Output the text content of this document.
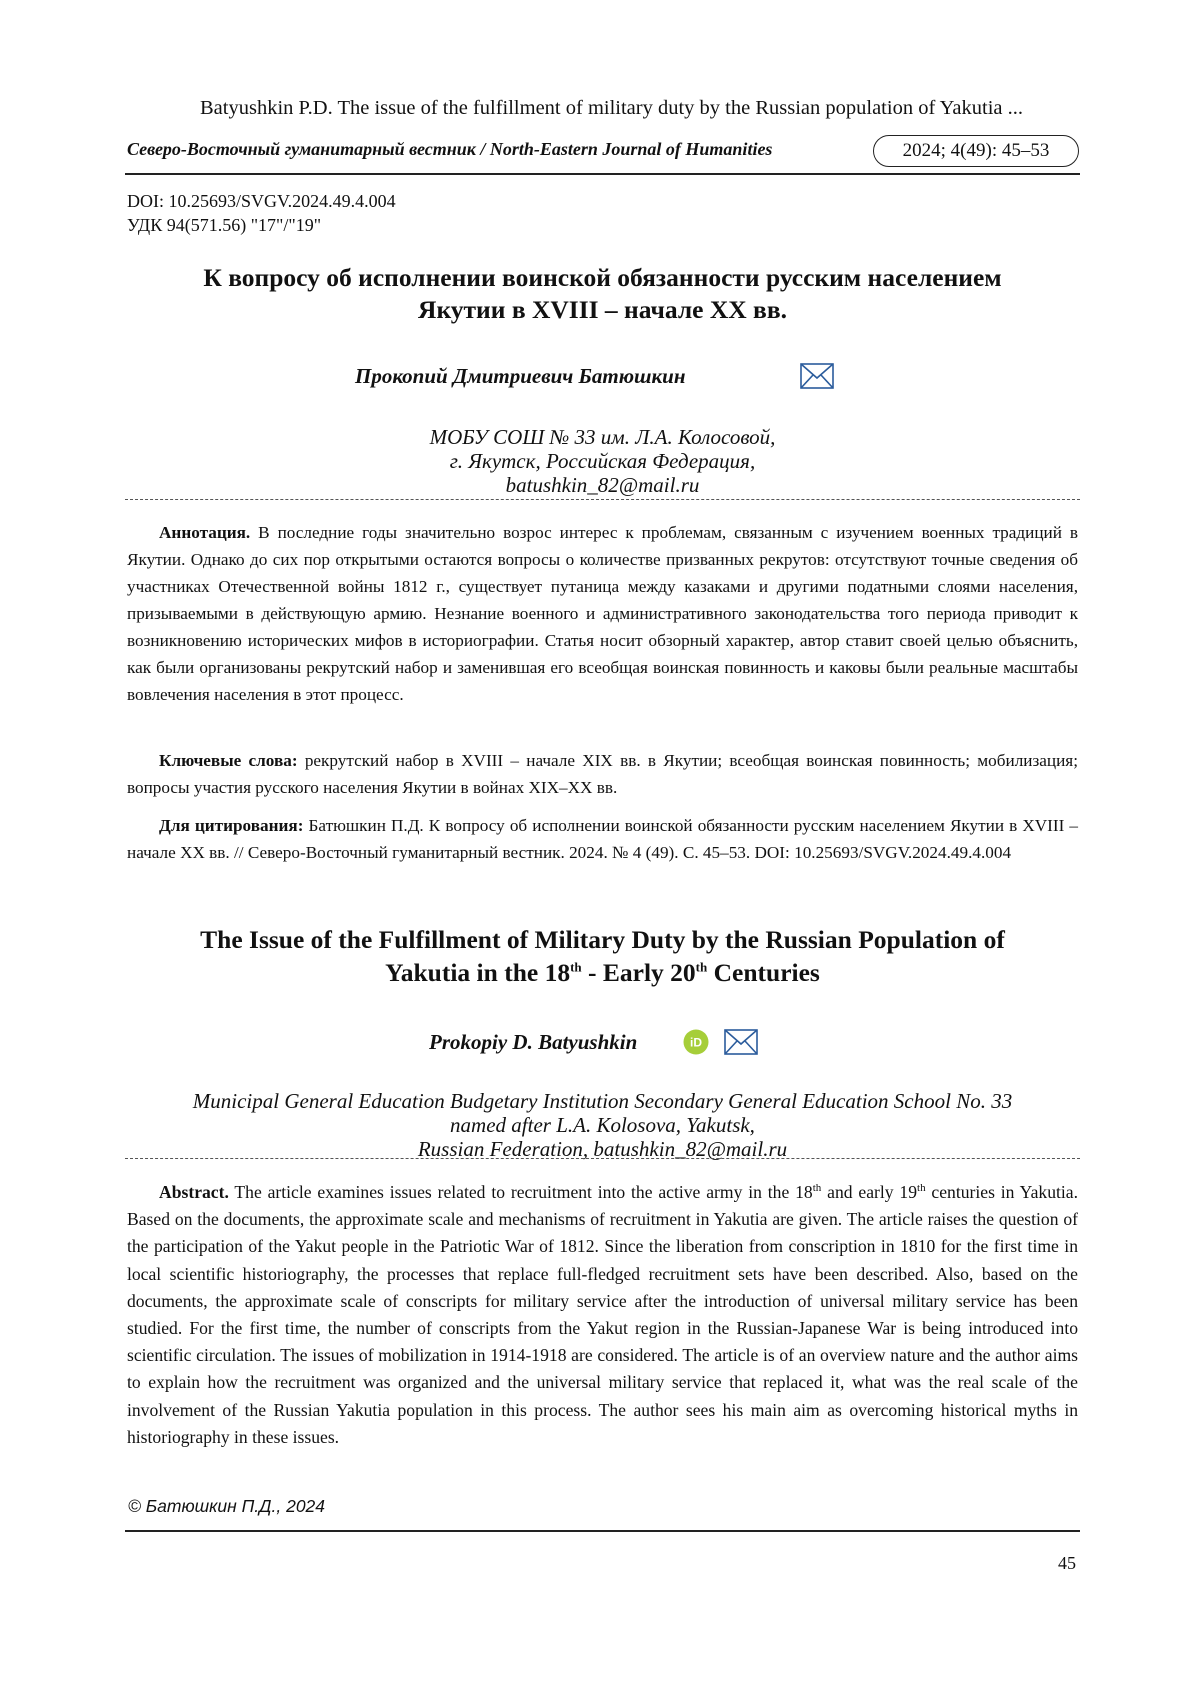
Batyushkin P.D. The issue of the fulfillment of military duty by the Russian population of Yakutia ...
Северо-Восточный гуманитарный вестник / North-Eastern Journal of Humanities	2024; 4(49): 45–53
DOI: 10.25693/SVGV.2024.49.4.004
УДК 94(571.56) "17"/"19"
К вопросу об исполнении воинской обязанности русским населением
Якутии в XVIII – начале XX вв.
Прокопий Дмитриевич Батюшкин
МОБУ СОШ № 33 им. Л.А. Колосовой,
г. Якутск, Российская Федерация,
batushkin_82@mail.ru
Аннотация. В последние годы значительно возрос интерес к проблемам, связанным с изучением военных традиций в Якутии. Однако до сих пор открытыми остаются вопросы о количестве призванных рекрутов: отсутствуют точные сведения об участниках Отечественной войны 1812 г., существует путаница между казаками и другими податными слоями населения, призываемыми в действующую армию. Незнание военного и административного законодательства того периода приводит к возникновению исторических мифов в историографии. Статья носит обзорный характер, автор ставит своей целью объяснить, как были организованы рекрутский набор и заменившая его всеобщая воинская повинность и каковы были реальные масштабы вовлечения населения в этот процесс.
Ключевые слова: рекрутский набор в XVIII – начале XIX вв. в Якутии; всеобщая воинская повинность; мобилизация; вопросы участия русского населения Якутии в войнах XIX–XX вв.
Для цитирования: Батюшкин П.Д. К вопросу об исполнении воинской обязанности русским населением Якутии в XVIII – начале XX вв. // Северо-Восточный гуманитарный вестник. 2024. № 4 (49). С. 45–53. DOI: 10.25693/SVGV.2024.49.4.004
The Issue of the Fulfillment of Military Duty by the Russian Population of
Yakutia in the 18th - Early 20th Centuries
Prokopiy D. Batyushkin	iD
Municipal General Education Budgetary Institution Secondary General Education School No. 33
named after L.A. Kolosova, Yakutsk,
Russian Federation, batushkin_82@mail.ru
Abstract. The article examines issues related to recruitment into the active army in the 18th and early 19th centuries in Yakutia. Based on the documents, the approximate scale and mechanisms of recruitment in Yakutia are given. The article raises the question of the participation of the Yakut people in the Patriotic War of 1812. Since the liberation from conscription in 1810 for the first time in local scientific historiography, the processes that replace full-fledged recruitment sets have been described. Also, based on the documents, the approximate scale of conscripts for military service after the introduction of universal military service has been studied. For the first time, the number of conscripts from the Yakut region in the Russian-Japanese War is being introduced into scientific circulation. The issues of mobilization in 1914-1918 are considered. The article is of an overview nature and the author aims to explain how the recruitment was organized and the universal military service that replaced it, what was the real scale of the involvement of the Russian Yakutia population in this process. The author sees his main aim as overcoming historical myths in historiography in these issues.
© Батюшкин П.Д., 2024
45
